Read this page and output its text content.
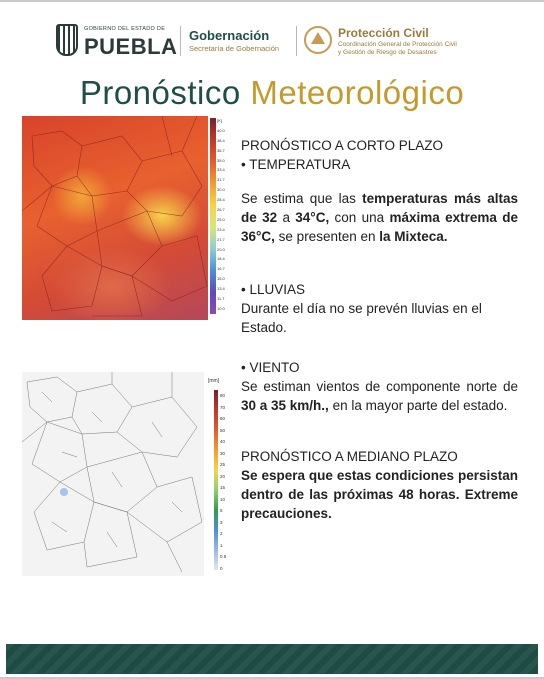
GOBIERNO DEL ESTADO DE
PUEBLA Gobernación
Secretaría de Gobernación
Protección Civil
Coordinación General de Protección Civil
y Gestión de Riesgo de Desastres
Pronóstico Meteorológico
[K]
40.0
38.4
36.7
35.0
33.4
31.7
30.0
28.4
26.7
25.0
23.4
21.7
20.0
18.4
16.7
15.0
13.4
11.7
10.0
[mm]
80
70
60
50
40
30
25
20
15
10
5
3
2
1
0.5
0
PRONÓSTICO A CORTO PLAZO
• TEMPERATURA
Se estima que las temperaturas más altas de 32 a 34°C, con una máxima extrema de 36°C, se presenten en la Mixteca.
• LLUVIAS
Durante el día no se prevén lluvias en el Estado.
• VIENTO
Se estiman vientos de componente norte de 30 a 35 km/h., en la mayor parte del estado.
PRONÓSTICO A MEDIANO PLAZO
Se espera que estas condiciones persistan dentro de las próximas 48 horas. Extreme precauciones.
